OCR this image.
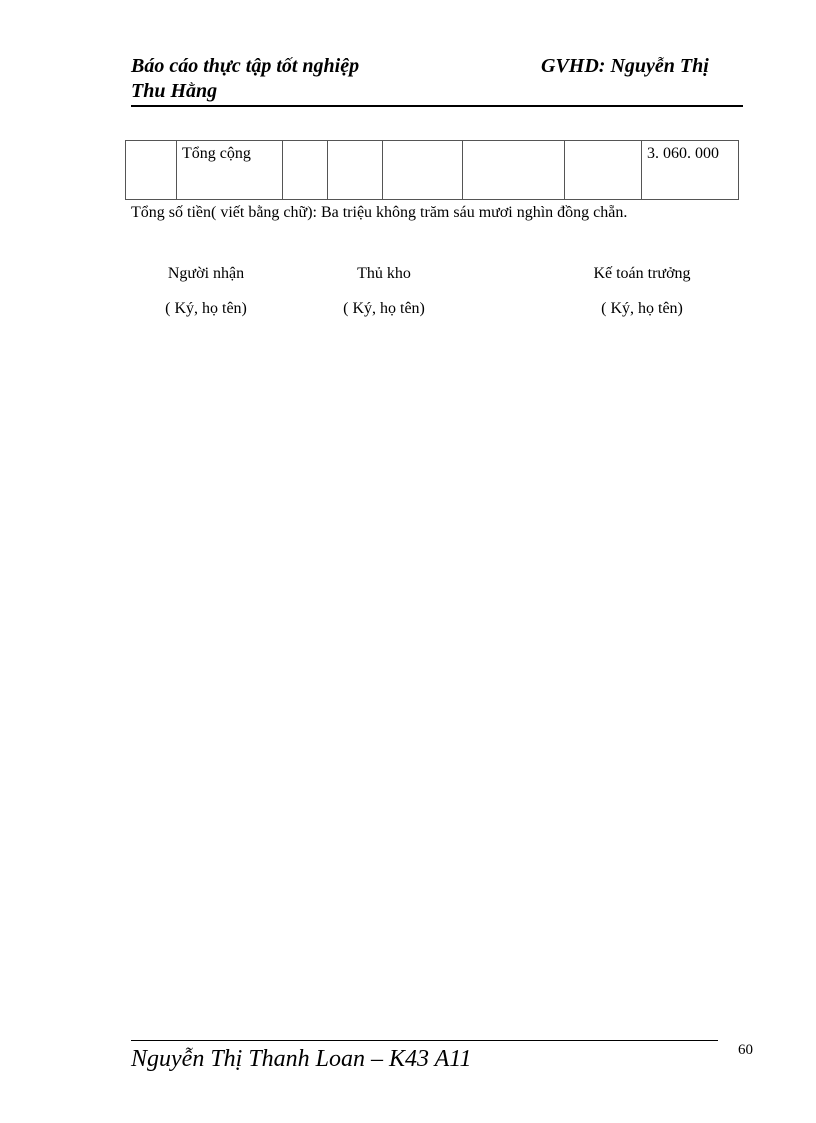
Báo cáo thực tập tốt nghiệp
Thu Hằng
GVHD: Nguyễn Thị
	Tổng cộng						3. 060. 000
Tổng số tiền( viết bằng chữ): Ba triệu không trăm sáu mươi nghìn đồng chẵn.
Người nhận
( Ký, họ tên)
Thủ kho
( Ký, họ tên)
Kế toán trưởng
( Ký, họ tên)
Nguyễn Thị Thanh Loan – K43 A11	60
